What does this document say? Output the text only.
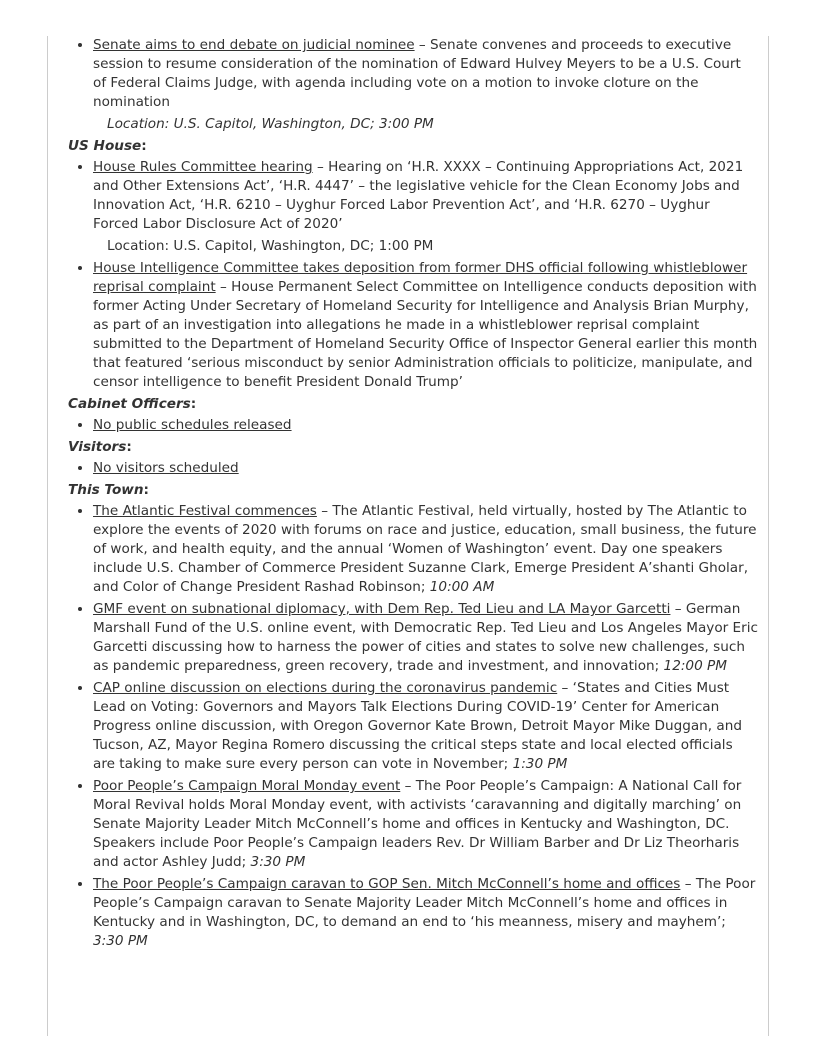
• Senate aims to end debate on judicial nominee – Senate convenes and proceeds to executive session to resume consideration of the nomination of Edward Hulvey Meyers to be a U.S. Court of Federal Claims Judge, with agenda including vote on a motion to invoke cloture on the nomination
Location: U.S. Capitol, Washington, DC; 3:00 PM
US House:
• House Rules Committee hearing – Hearing on ‘H.R. XXXX – Continuing Appropriations Act, 2021 and Other Extensions Act’, ‘H.R. 4447’ – the legislative vehicle for the Clean Economy Jobs and Innovation Act, ‘H.R. 6210 – Uyghur Forced Labor Prevention Act’, and ‘H.R. 6270 – Uyghur Forced Labor Disclosure Act of 2020’
Location: U.S. Capitol, Washington, DC; 1:00 PM
• House Intelligence Committee takes deposition from former DHS official following whistleblower reprisal complaint – House Permanent Select Committee on Intelligence conducts deposition with former Acting Under Secretary of Homeland Security for Intelligence and Analysis Brian Murphy, as part of an investigation into allegations he made in a whistleblower reprisal complaint submitted to the Department of Homeland Security Office of Inspector General earlier this month that featured ‘serious misconduct by senior Administration officials to politicize, manipulate, and censor intelligence to benefit President Donald Trump’
Cabinet Officers:
• No public schedules released
Visitors:
• No visitors scheduled
This Town:
• The Atlantic Festival commences – The Atlantic Festival, held virtually, hosted by The Atlantic to explore the events of 2020 with forums on race and justice, education, small business, the future of work, and health equity, and the annual ‘Women of Washington’ event. Day one speakers include U.S. Chamber of Commerce President Suzanne Clark, Emerge President A’shanti Gholar, and Color of Change President Rashad Robinson; 10:00 AM
• GMF event on subnational diplomacy, with Dem Rep. Ted Lieu and LA Mayor Garcetti – German Marshall Fund of the U.S. online event, with Democratic Rep. Ted Lieu and Los Angeles Mayor Eric Garcetti discussing how to harness the power of cities and states to solve new challenges, such as pandemic preparedness, green recovery, trade and investment, and innovation; 12:00 PM
• CAP online discussion on elections during the coronavirus pandemic – ‘States and Cities Must Lead on Voting: Governors and Mayors Talk Elections During COVID-19’ Center for American Progress online discussion, with Oregon Governor Kate Brown, Detroit Mayor Mike Duggan, and Tucson, AZ, Mayor Regina Romero discussing the critical steps state and local elected officials are taking to make sure every person can vote in November; 1:30 PM
• Poor People’s Campaign Moral Monday event – The Poor People’s Campaign: A National Call for Moral Revival holds Moral Monday event, with activists ‘caravanning and digitally marching’ on Senate Majority Leader Mitch McConnell’s home and offices in Kentucky and Washington, DC. Speakers include Poor People’s Campaign leaders Rev. Dr William Barber and Dr Liz Theorharis and actor Ashley Judd; 3:30 PM
• The Poor People’s Campaign caravan to GOP Sen. Mitch McConnell’s home and offices – The Poor People’s Campaign caravan to Senate Majority Leader Mitch McConnell’s home and offices in Kentucky and in Washington, DC, to demand an end to ‘his meanness, misery and mayhem’; 3:30 PM
